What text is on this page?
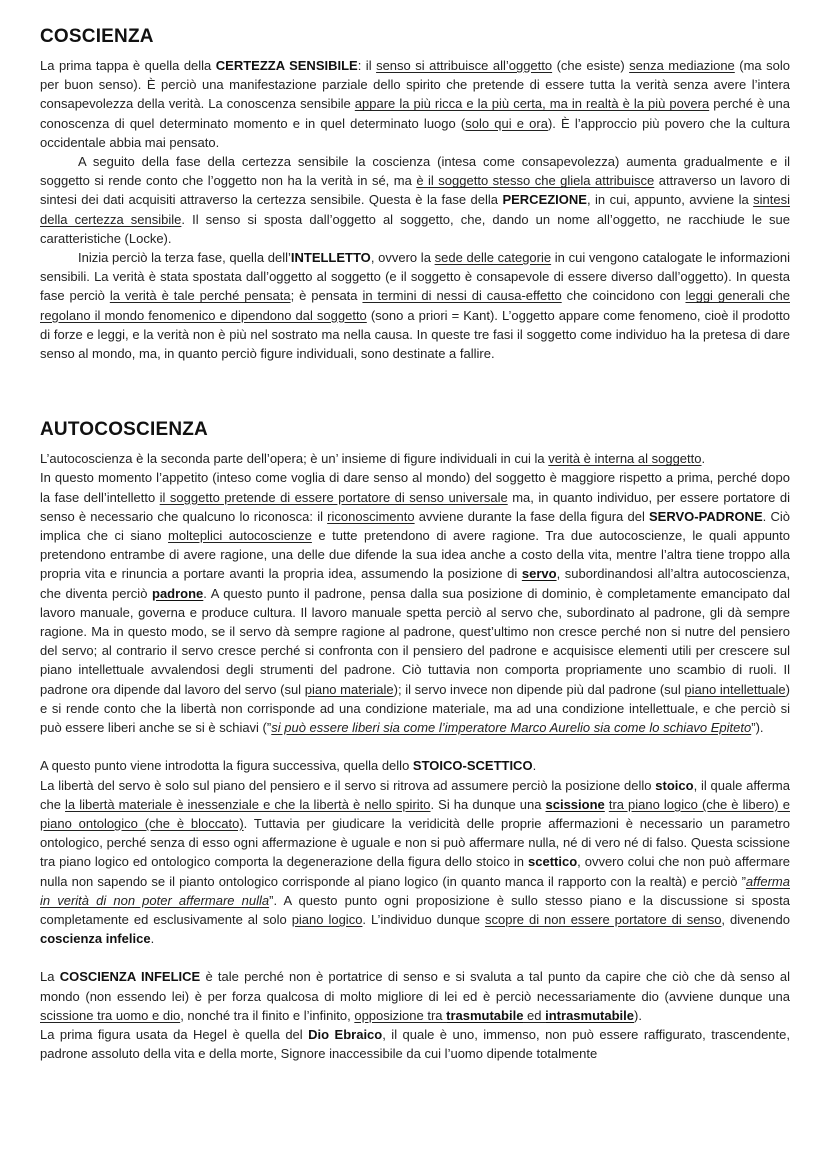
COSCIENZA

La prima tappa è quella della CERTEZZA SENSIBILE: il senso si attribuisce all’oggetto (che esiste) senza mediazione (ma solo per buon senso). È perciò una manifestazione parziale dello spirito che pretende di essere tutta la verità senza avere l’intera consapevolezza della verità. La conoscenza sensibile appare la più ricca e la più certa, ma in realtà è la più povera perché è una conoscenza di quel determinato momento e in quel determinato luogo (solo qui e ora). È l’approccio più povero che la cultura occidentale abbia mai pensato.

A seguito della fase della certezza sensibile la coscienza (intesa come consapevolezza) aumenta gradualmente e il soggetto si rende conto che l’oggetto non ha la verità in sé, ma è il soggetto stesso che gliela attribuisce attraverso un lavoro di sintesi dei dati acquisiti attraverso la certezza sensibile. Questa è la fase della PERCEZIONE, in cui, appunto, avviene la sintesi della certezza sensibile. Il senso si sposta dall’oggetto al soggetto, che, dando un nome all’oggetto, ne racchiude le sue caratteristiche (Locke).

Inizia perciò la terza fase, quella dell’INTELLETTO, ovvero la sede delle categorie in cui vengono catalogate le informazioni sensibili. La verità è stata spostata dall’oggetto al soggetto (e il soggetto è consapevole di essere diverso dall’oggetto). In questa fase perciò la verità è tale perché pensata; è pensata in termini di nessi di causa-effetto che coincidono con leggi generali che regolano il mondo fenomenico e dipendono dal soggetto (sono a priori = Kant). L’oggetto appare come fenomeno, cioè il prodotto di forze e leggi, e la verità non è più nel sostrato ma nella causa. In queste tre fasi il soggetto come individuo ha la pretesa di dare senso al mondo, ma, in quanto perciò figure individuali, sono destinate a fallire.

AUTOCOSCIENZA

L’autocoscienza è la seconda parte dell’opera; è un’ insieme di figure individuali in cui la verità è interna al soggetto.

In questo momento l’appetito (inteso come voglia di dare senso al mondo) del soggetto è maggiore rispetto a prima, perché dopo la fase dell’intelletto il soggetto pretende di essere portatore di senso universale ma, in quanto individuo, per essere portatore di senso è necessario che qualcuno lo riconosca: il riconoscimento avviene durante la fase della figura del SERVO-PADRONE. Ciò implica che ci siano molteplici autocoscienze e tutte pretendono di avere ragione. Tra due autocoscienze, le quali appunto pretendono entrambe di avere ragione, una delle due difende la sua idea anche a costo della vita, mentre l’altra tiene troppo alla propria vita e rinuncia a portare avanti la propria idea, assumendo la posizione di servo, subordinandosi all’altra autocoscienza, che diventa perciò padrone. A questo punto il padrone, pensa dalla sua posizione di dominio, è completamente emancipato dal lavoro manuale, governa e produce cultura. Il lavoro manuale spetta perciò al servo che, subordinato al padrone, gli dà sempre ragione. Ma in questo modo, se il servo dà sempre ragione al padrone, quest’ultimo non cresce perché non si nutre del pensiero del servo; al contrario il servo cresce perché si confronta con il pensiero del padrone e acquisisce elementi utili per crescere sul piano intellettuale avvalendosi degli strumenti del padrone. Ciò tuttavia non comporta propriamente uno scambio di ruoli. Il padrone ora dipende dal lavoro del servo (sul piano materiale); il servo invece non dipende più dal padrone (sul piano intellettuale) e si rende conto che la libertà non corrisponde ad una condizione materiale, ma ad una condizione intellettuale, e che perciò si può essere liberi anche se si è schiavi (”si può essere liberi sia come l’imperatore Marco Aurelio sia come lo schiavo Epiteto”).

A questo punto viene introdotta la figura successiva, quella dello STOICO-SCETTICO.

La libertà del servo è solo sul piano del pensiero e il servo si ritrova ad assumere perciò la posizione dello stoico, il quale afferma che la libertà materiale è inessenziale e che la libertà è nello spirito. Si ha dunque una scissione tra piano logico (che è libero) e piano ontologico (che è bloccato). Tuttavia per giudicare la veridicità delle proprie affermazioni è necessario un parametro ontologico, perché senza di esso ogni affermazione è uguale e non si può affermare nulla, né di vero né di falso. Questa scissione tra piano logico ed ontologico comporta la degenerazione della figura dello stoico in scettico, ovvero colui che non può affermare nulla non sapendo se il pianto ontologico corrisponde al piano logico (in quanto manca il rapporto con la realtà) e perciò ”afferma in verità di non poter affermare nulla”. A questo punto ogni proposizione è sullo stesso piano e la discussione si sposta completamente ed esclusivamente al solo piano logico. L’individuo dunque scopre di non essere portatore di senso, divenendo coscienza infelice.

La COSCIENZA INFELICE è tale perché non è portatrice di senso e si svaluta a tal punto da capire che ciò che dà senso al mondo (non essendo lei) è per forza qualcosa di molto migliore di lei ed è perciò necessariamente dio (avviene dunque una scissione tra uomo e dio, nonché tra il finito e l’infinito, opposizione tra trasmutabile ed intrasmutabile).

La prima figura usata da Hegel è quella del Dio Ebraico, il quale è uno, immenso, non può essere raffigurato, trascendente, padrone assoluto della vita e della morte, Signore inaccessibile da cui l’uomo dipende totalmente
